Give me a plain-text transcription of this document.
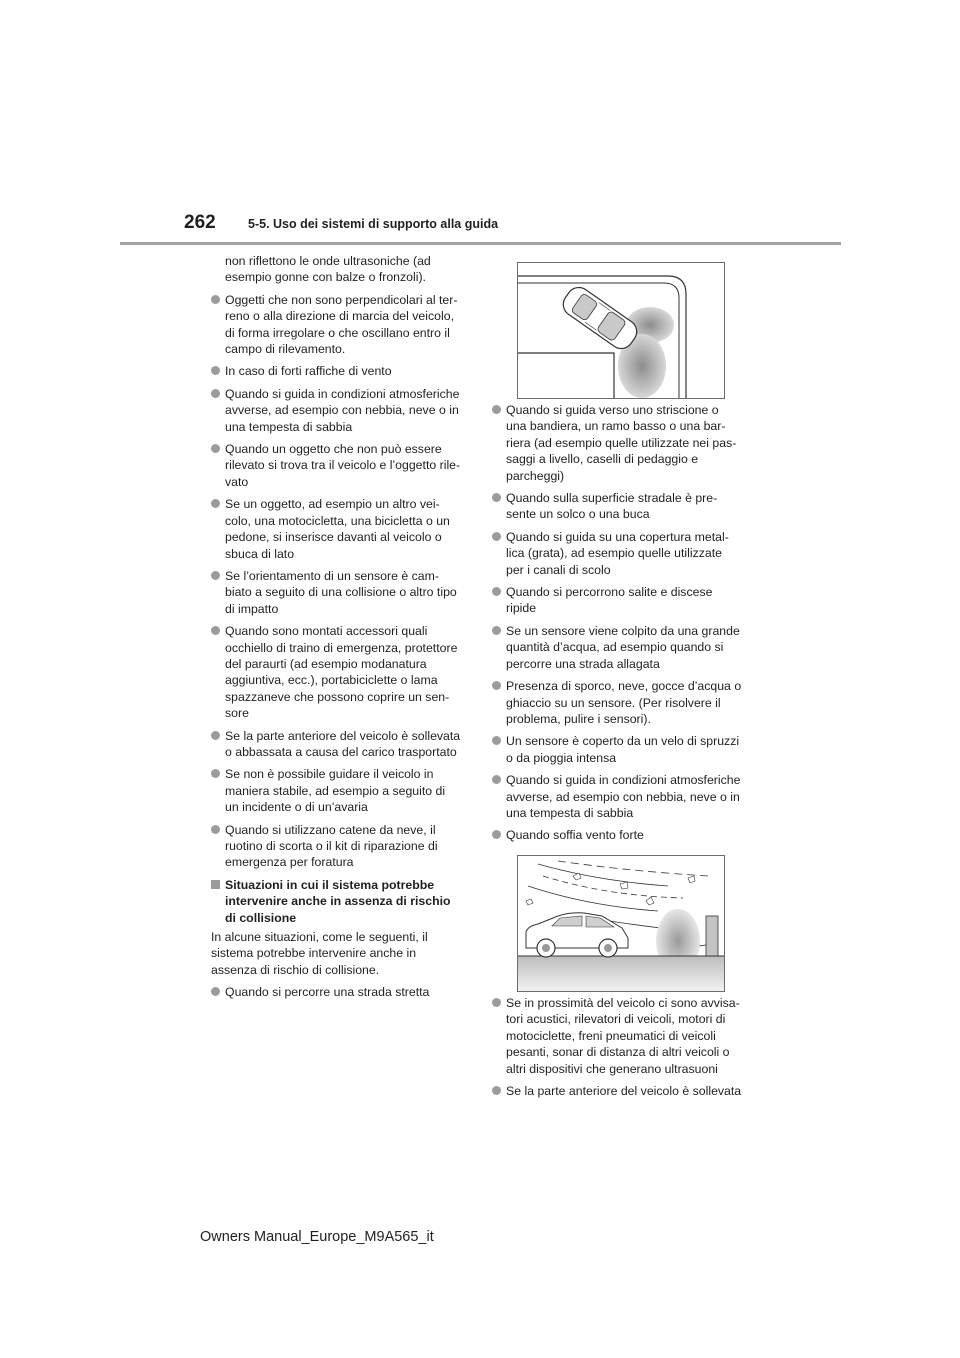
262	5-5. Uso dei sistemi di supporto alla guida
non riflettono le onde ultrasoniche (ad
esempio gonne con balze o fronzoli).
Oggetti che non sono perpendicolari al ter-
reno o alla direzione di marcia del veicolo,
di forma irregolare o che oscillano entro il
campo di rilevamento.
In caso di forti raffiche di vento
Quando si guida in condizioni atmosferiche
avverse, ad esempio con nebbia, neve o in
una tempesta di sabbia
Quando un oggetto che non può essere
rilevato si trova tra il veicolo e l’oggetto rile-
vato
Se un oggetto, ad esempio un altro vei-
colo, una motocicletta, una bicicletta o un
pedone, si inserisce davanti al veicolo o
sbuca di lato
Se l’orientamento di un sensore è cam-
biato a seguito di una collisione o altro tipo
di impatto
Quando sono montati accessori quali
occhiello di traino di emergenza, protettore
del paraurti (ad esempio modanatura
aggiuntiva, ecc.), portabiciclette o lama
spazzaneve che possono coprire un sen-
sore
Se la parte anteriore del veicolo è sollevata
o abbassata a causa del carico trasportato
Se non è possibile guidare il veicolo in
maniera stabile, ad esempio a seguito di
un incidente o di un’avaria
Quando si utilizzano catene da neve, il
ruotino di scorta o il kit di riparazione di
emergenza per foratura
Situazioni in cui il sistema potrebbe
intervenire anche in assenza di rischio
di collisione
In alcune situazioni, come le seguenti, il
sistema potrebbe intervenire anche in
assenza di rischio di collisione.
Quando si percorre una strada stretta
Quando si guida verso uno striscione o
una bandiera, un ramo basso o una bar-
riera (ad esempio quelle utilizzate nei pas-
saggi a livello, caselli di pedaggio e
parcheggi)
Quando sulla superficie stradale è pre-
sente un solco o una buca
Quando si guida su una copertura metal-
lica (grata), ad esempio quelle utilizzate
per i canali di scolo
Quando si percorrono salite e discese
ripide
Se un sensore viene colpito da una grande
quantità d’acqua, ad esempio quando si
percorre una strada allagata
Presenza di sporco, neve, gocce d’acqua o
ghiaccio su un sensore. (Per risolvere il
problema, pulire i sensori).
Un sensore è coperto da un velo di spruzzi
o da pioggia intensa
Quando si guida in condizioni atmosferiche
avverse, ad esempio con nebbia, neve o in
una tempesta di sabbia
Quando soffia vento forte
Se in prossimità del veicolo ci sono avvisa-
tori acustici, rilevatori di veicoli, motori di
motociclette, freni pneumatici di veicoli
pesanti, sonar di distanza di altri veicoli o
altri dispositivi che generano ultrasuoni
Se la parte anteriore del veicolo è sollevata
Owners Manual_Europe_M9A565_it
